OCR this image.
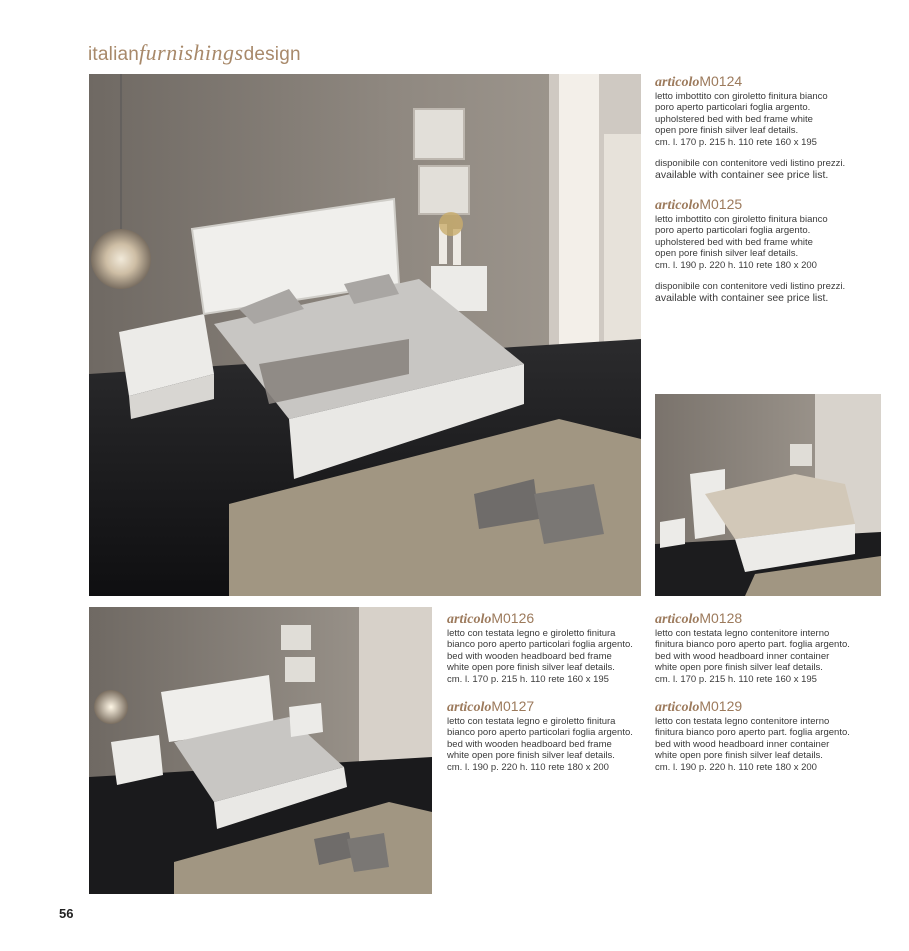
italianfurnishingsdesign
articoloM0124

letto imbottito con giroletto finitura bianco

poro aperto particolari foglia argento.

upholstered bed with bed frame white

open pore finish silver leaf details.

cm. l. 170 p. 215 h. 110 rete 160 x 195

disponibile con contenitore vedi listino prezzi.

available with container see price list.

articoloM0125

letto imbottito con giroletto finitura bianco

poro aperto particolari foglia argento.

upholstered bed with bed frame white

open pore finish silver leaf details.

cm. l. 190 p. 220 h. 110 rete 180 x 200

disponibile con contenitore vedi listino prezzi.

available with container see price list.

articoloM0126

letto con testata legno e giroletto finitura

bianco poro aperto particolari foglia argento.

bed with wooden headboard bed frame

white open pore finish silver leaf details.

cm. l. 170 p. 215 h. 110 rete 160 x 195

articoloM0127

letto con testata legno e giroletto finitura

bianco poro aperto particolari foglia argento.

bed with wooden headboard bed frame

white open pore finish silver leaf details.

cm. l. 190 p. 220 h. 110 rete 180 x 200

articoloM0128

letto con testata legno contenitore interno

finitura bianco poro aperto part. foglia argento.

bed with wood headboard inner container

white open pore finish silver leaf details.

cm. l. 170 p. 215 h. 110 rete 160 x 195

articoloM0129

letto con testata legno contenitore interno

finitura bianco poro aperto part. foglia argento.

bed with wood headboard inner container

white open pore finish silver leaf details.

cm. l. 190 p. 220 h. 110 rete 180 x 200

56
